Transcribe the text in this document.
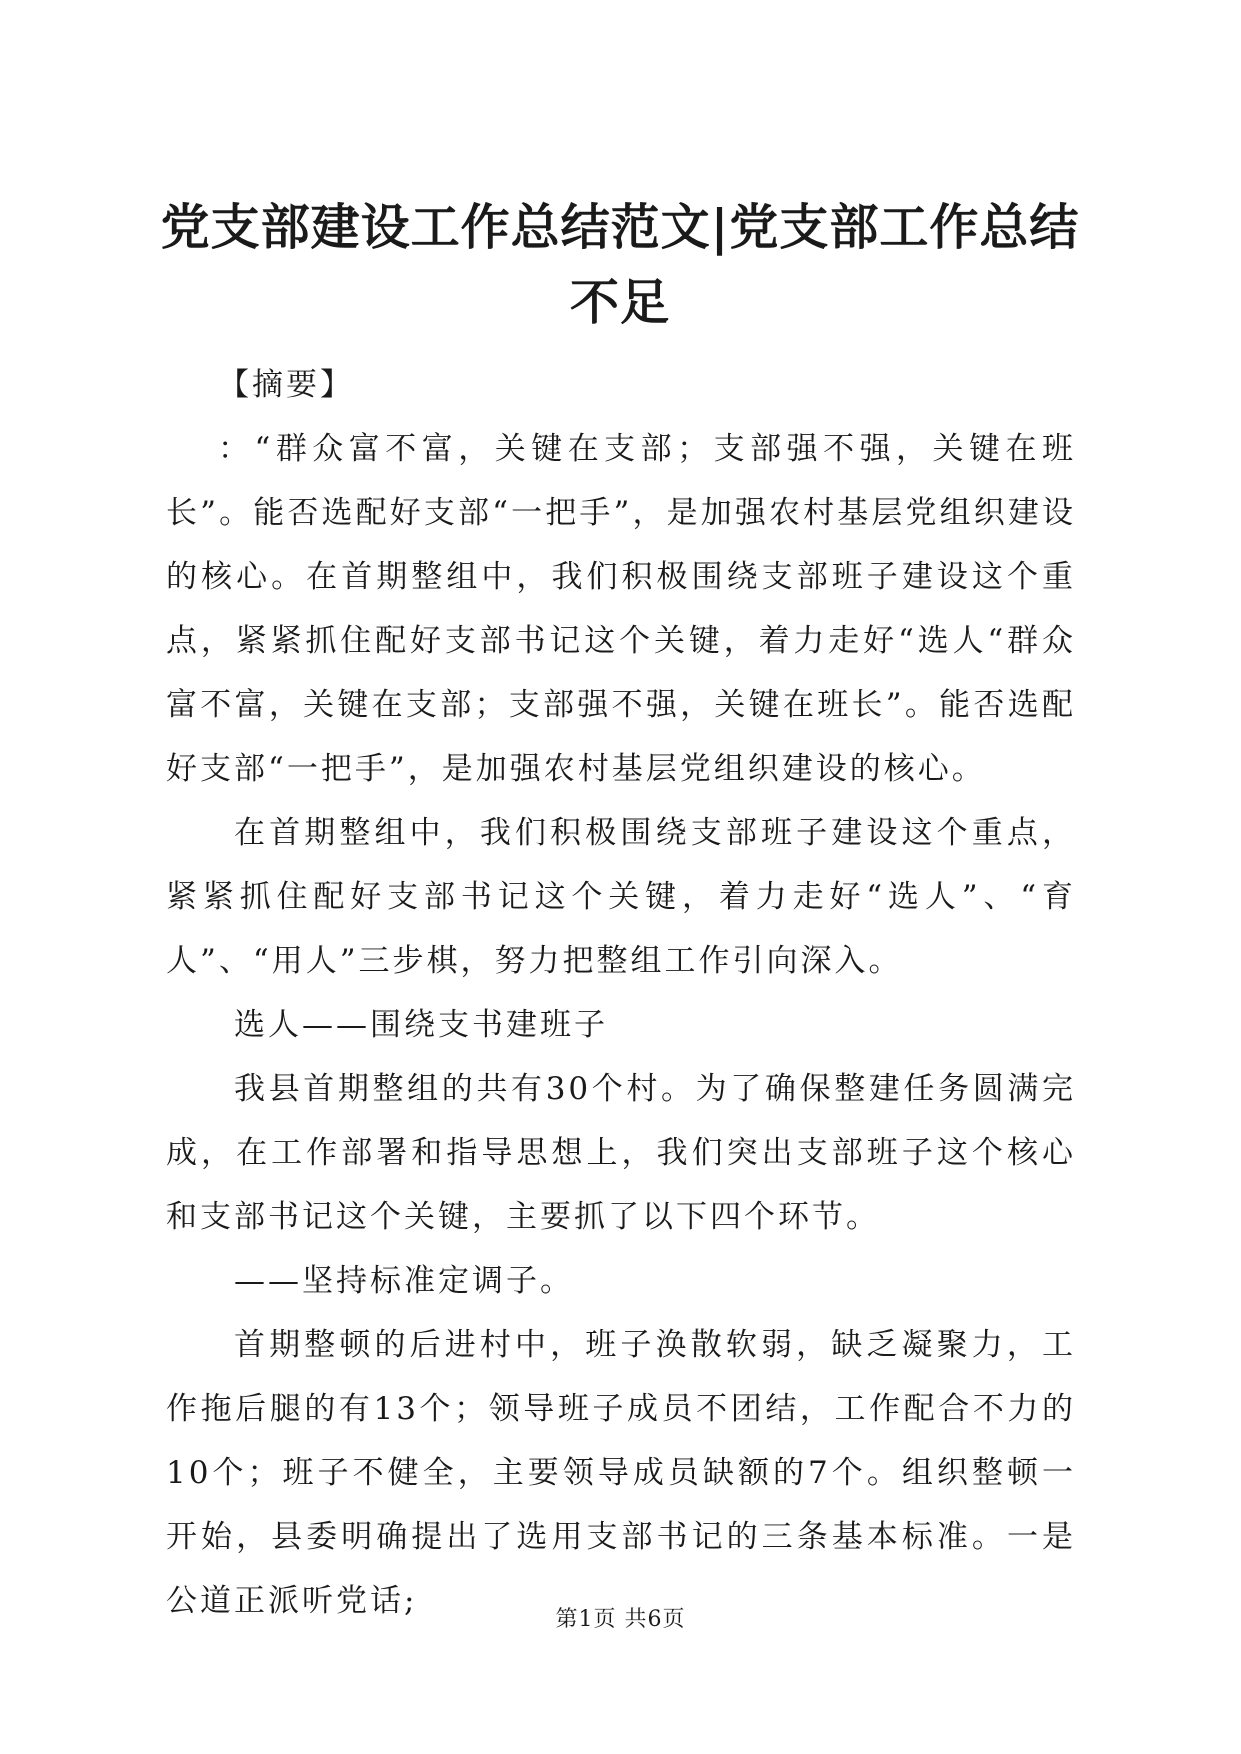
党支部建设工作总结范文|党支部工作总结不足

【摘要】

：“群众富不富，关键在支部；支部强不强，关键在班长”。能否选配好支部“一把手”，是加强农村基层党组织建设的核心。在首期整组中，我们积极围绕支部班子建设这个重点，紧紧抓住配好支部书记这个关键，着力走好“选人“群众富不富，关键在支部；支部强不强，关键在班长”。能否选配好支部“一把手”，是加强农村基层党组织建设的核心。

在首期整组中，我们积极围绕支部班子建设这个重点，紧紧抓住配好支部书记这个关键，着力走好“选人”、“育人”、“用人”三步棋，努力把整组工作引向深入。

选人——围绕支书建班子

我县首期整组的共有30个村。为了确保整建任务圆满完成，在工作部署和指导思想上，我们突出支部班子这个核心和支部书记这个关键，主要抓了以下四个环节。

——坚持标准定调子。

首期整顿的后进村中，班子涣散软弱，缺乏凝聚力，工作拖后腿的有13个；领导班子成员不团结，工作配合不力的10个；班子不健全，主要领导成员缺额的7个。组织整顿一开始，县委明确提出了选用支部书记的三条基本标准。一是公道正派听党话;

第1页 共6页
